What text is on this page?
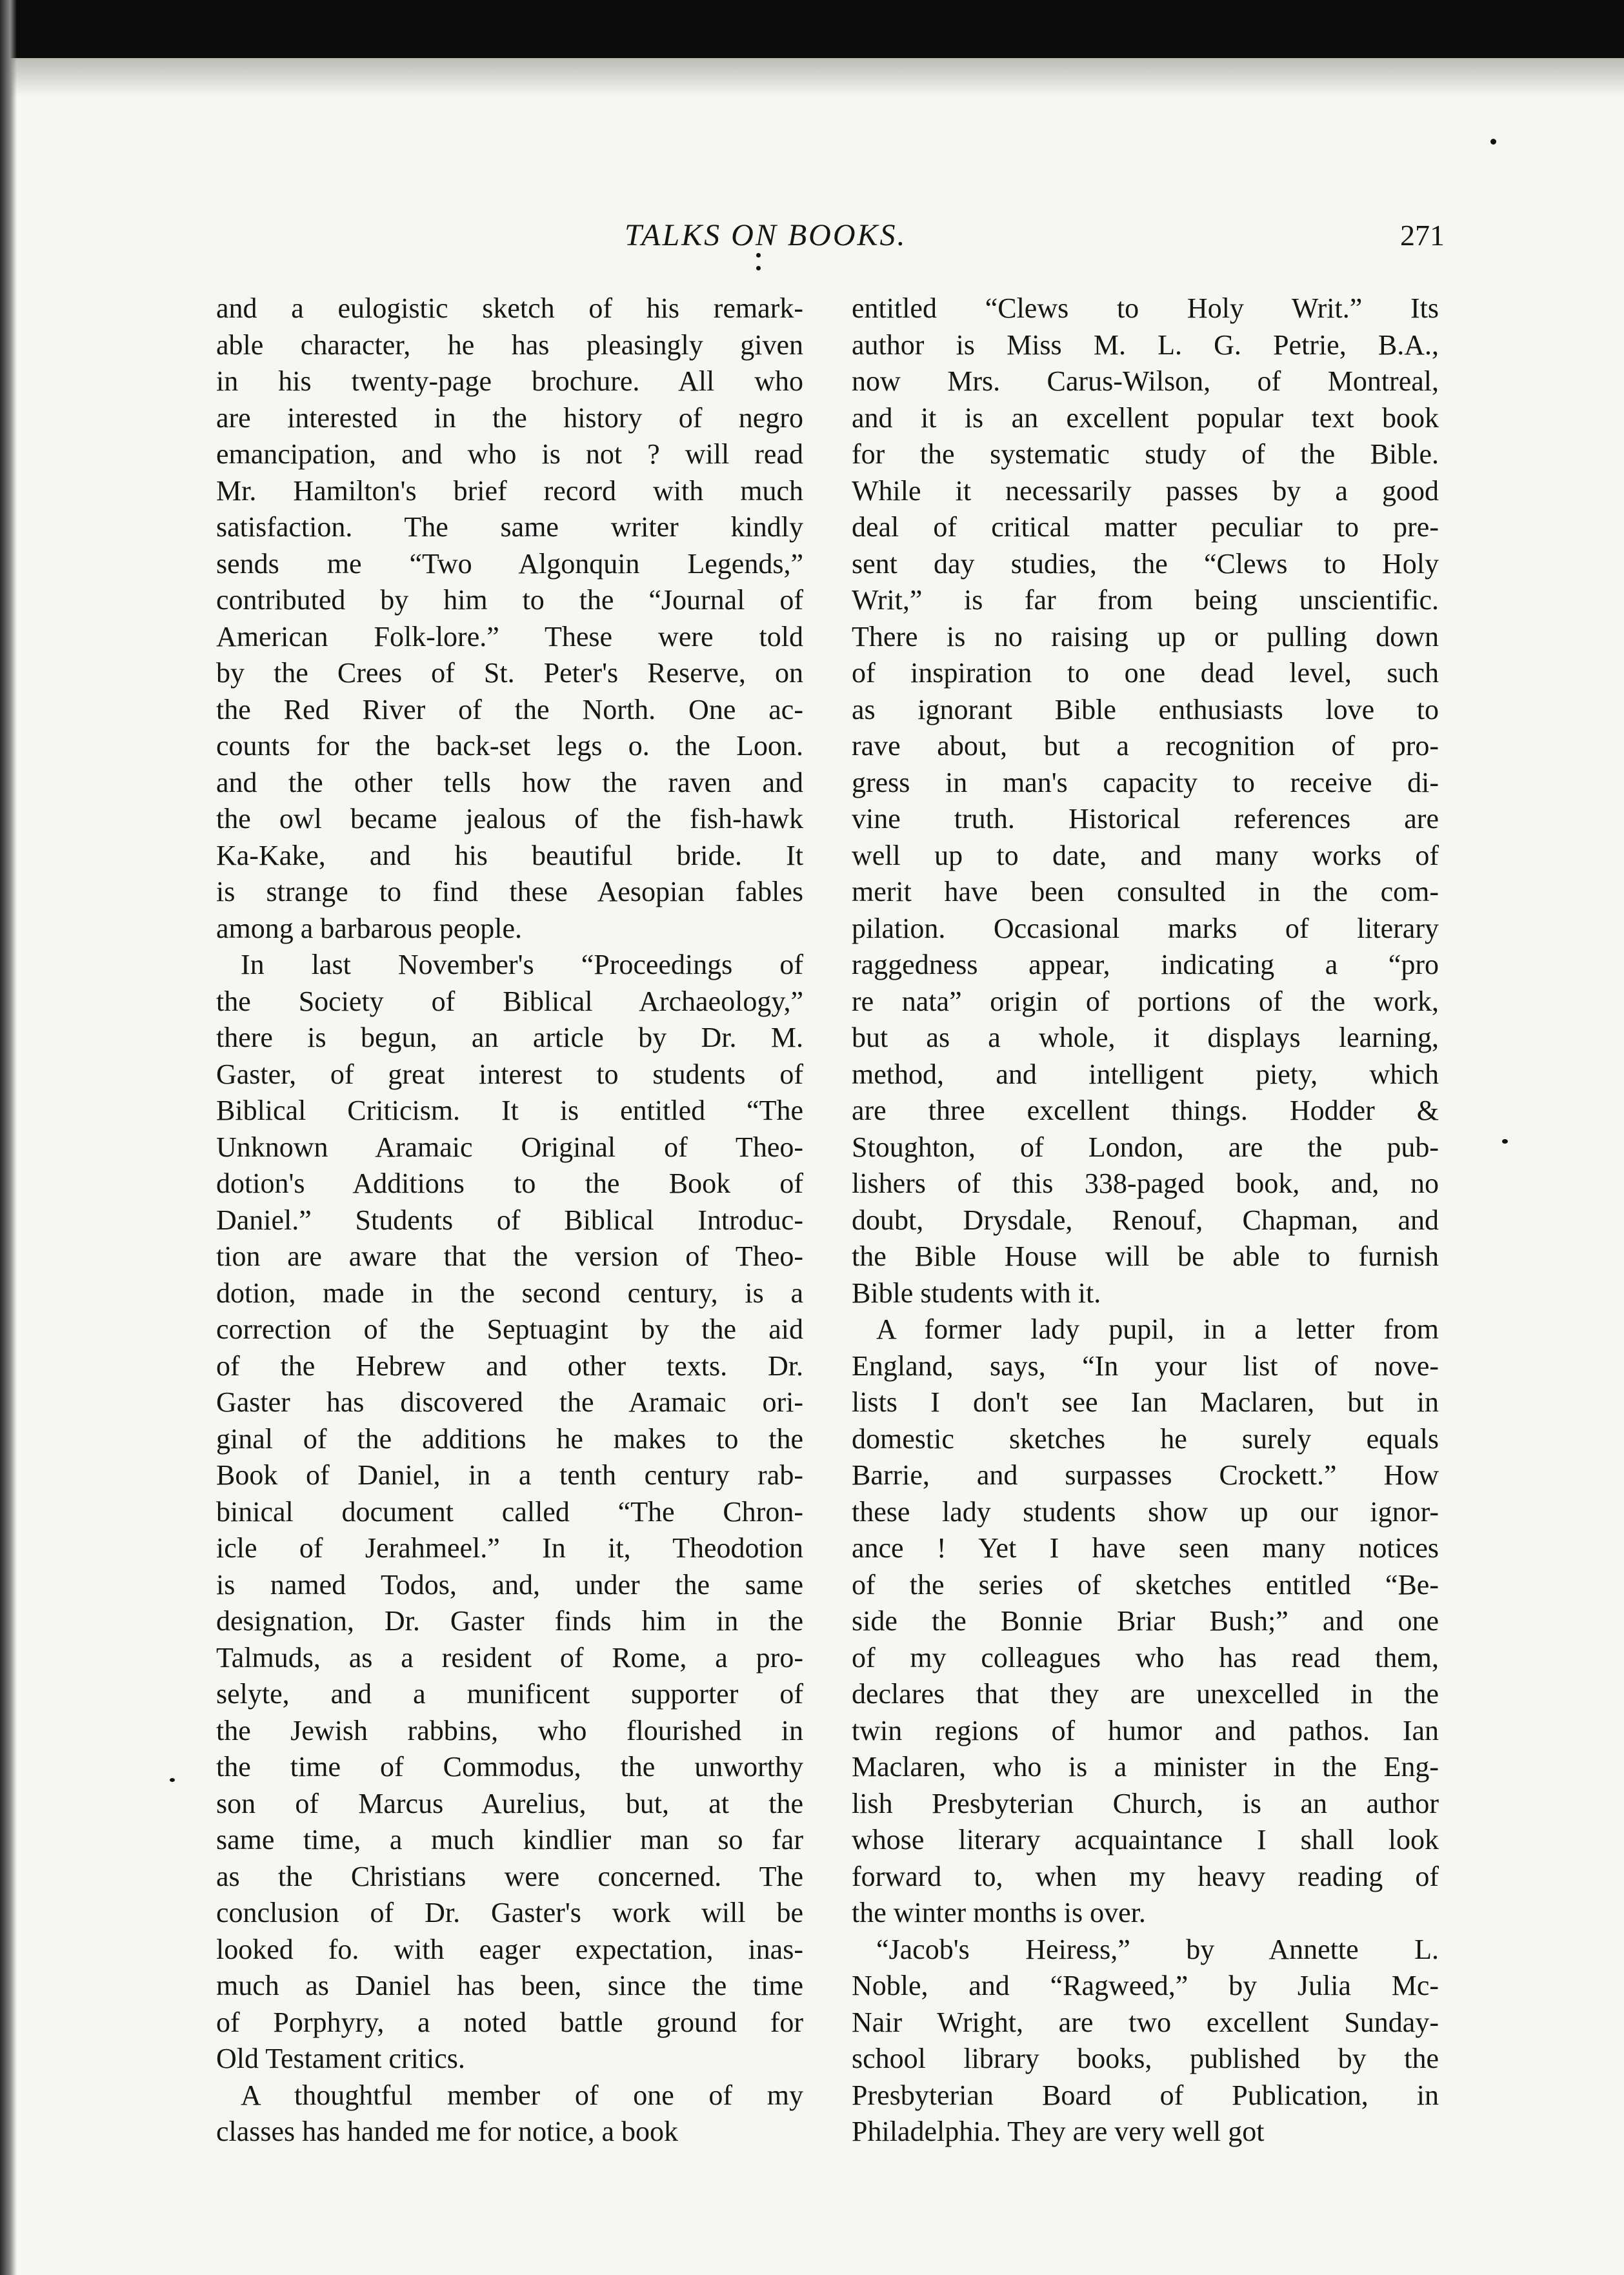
TALKS ON BOOKS.	271
and a eulogistic sketch of his remark-
able character, he has pleasingly given
in his twenty-page brochure. All who
are interested in the history of negro
emancipation, and who is not ? will read
Mr. Hamilton's brief record with much
satisfaction. The same writer kindly
sends me “Two Algonquin Legends,”
contributed by him to the “Journal of
American Folk-lore.” These were told
by the Crees of St. Peter's Reserve, on
the Red River of the North. One ac-
counts for the back-set legs o. the Loon.
and the other tells how the raven and
the owl became jealous of the fish-hawk
Ka-Kake, and his beautiful bride. It
is strange to find these Aesopian fables
among a barbarous people.
In last November's “Proceedings of
the Society of Biblical Archaeology,”
there is begun, an article by Dr. M.
Gaster, of great interest to students of
Biblical Criticism. It is entitled “The
Unknown Aramaic Original of Theo-
dotion's Additions to the Book of
Daniel.” Students of Biblical Introduc-
tion are aware that the version of Theo-
dotion, made in the second century, is a
correction of the Septuagint by the aid
of the Hebrew and other texts. Dr.
Gaster has discovered the Aramaic ori-
ginal of the additions he makes to the
Book of Daniel, in a tenth century rab-
binical document called “The Chron-
icle of Jerahmeel.” In it, Theodotion
is named Todos, and, under the same
designation, Dr. Gaster finds him in the
Talmuds, as a resident of Rome, a pro-
selyte, and a munificent supporter of
the Jewish rabbins, who flourished in
the time of Commodus, the unworthy
son of Marcus Aurelius, but, at the
same time, a much kindlier man so far
as the Christians were concerned. The
conclusion of Dr. Gaster's work will be
looked fo. with eager expectation, inas-
much as Daniel has been, since the time
of Porphyry, a noted battle ground for
Old Testament critics.
A thoughtful member of one of my
classes has handed me for notice, a book
entitled “Clews to Holy Writ.” Its
author is Miss M. L. G. Petrie, B.A.,
now Mrs. Carus-Wilson, of Montreal,
and it is an excellent popular text book
for the systematic study of the Bible.
While it necessarily passes by a good
deal of critical matter peculiar to pre-
sent day studies, the “Clews to Holy
Writ,” is far from being unscientific.
There is no raising up or pulling down
of inspiration to one dead level, such
as ignorant Bible enthusiasts love to
rave about, but a recognition of pro-
gress in man's capacity to receive di-
vine truth. Historical references are
well up to date, and many works of
merit have been consulted in the com-
pilation. Occasional marks of literary
raggedness appear, indicating a “pro
re nata” origin of portions of the work,
but as a whole, it displays learning,
method, and intelligent piety, which
are three excellent things. Hodder &
Stoughton, of London, are the pub-
lishers of this 338-paged book, and, no
doubt, Drysdale, Renouf, Chapman, and
the Bible House will be able to furnish
Bible students with it.
A former lady pupil, in a letter from
England, says, “In your list of nove-
lists I don't see Ian Maclaren, but in
domestic sketches he surely equals
Barrie, and surpasses Crockett.” How
these lady students show up our ignor-
ance ! Yet I have seen many notices
of the series of sketches entitled “Be-
side the Bonnie Briar Bush;” and one
of my colleagues who has read them,
declares that they are unexcelled in the
twin regions of humor and pathos. Ian
Maclaren, who is a minister in the Eng-
lish Presbyterian Church, is an author
whose literary acquaintance I shall look
forward to, when my heavy reading of
the winter months is over.
“Jacob's Heiress,” by Annette L.
Noble, and “Ragweed,” by Julia Mc-
Nair Wright, are two excellent Sunday-
school library books, published by the
Presbyterian Board of Publication, in
Philadelphia. They are very well got
